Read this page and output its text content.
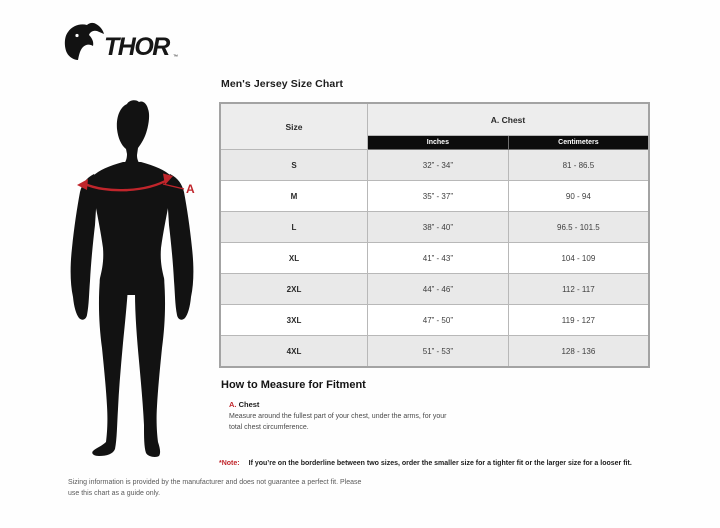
THOR ™
A
Men's Jersey Size Chart
Size	A. Chest	
	Inches	Centimeters
S	32” - 34”	81 - 86.5
M	35” - 37”	90 - 94
L	38” - 40”	96.5 - 101.5
XL	41” - 43”	104 - 109
2XL	44” - 46”	112 - 117
3XL	47” - 50”	119 - 127
4XL	51” - 53”	128 - 136
How to Measure for Fitment
A. Chest
Measure around the fullest part of your chest, under the arms, for your total chest circumference.
*Note: If you’re on the borderline between two sizes, order the smaller size for a tighter fit or the larger size for a looser fit.
Sizing information is provided by the manufacturer and does not guarantee a perfect fit. Please use this chart as a guide only.
